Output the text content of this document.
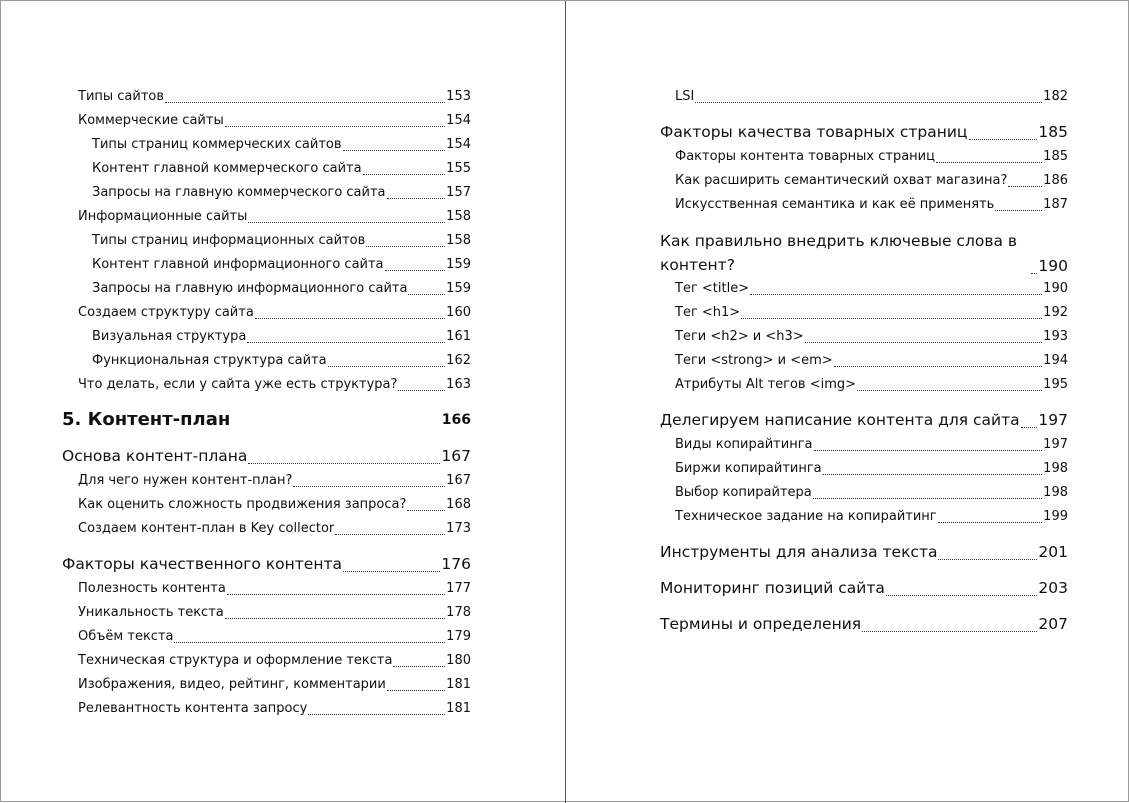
Типы сайтов	153
Коммерческие сайты	154
Типы страниц коммерческих сайтов	154
Контент главной коммерческого сайта	155
Запросы на главную коммерческого сайта	157
Информационные сайты	158
Типы страниц информационных сайтов	158
Контент главной информационного сайта	159
Запросы на главную информационного сайта	159
Создаем структуру сайта	160
Визуальная структура	161
Функциональная структура сайта	162
Что делать, если у сайта уже есть структура?	163
5. Контент-план	166
Основа контент-плана	167
Для чего нужен контент-план?	167
Как оценить сложность продвижения запроса?	168
Создаем контент-план в Key collector	173
Факторы качественного контента	176
Полезность контента	177
Уникальность текста	178
Объём текста	179
Техническая структура и оформление текста	180
Изображения, видео, рейтинг, комментарии	181
Релевантность контента запросу	181
LSI	182
Факторы качества товарных страниц	185
Факторы контента товарных страниц	185
Как расширить семантический охват магазина?	186
Искусственная семантика и как её применять	187
Как правильно внедрить ключевые слова в контент?	190
Тег <title>	190
Тег <h1>	192
Теги <h2> и <h3>	193
Теги <strong> и <em>	194
Атрибуты Alt тегов <img>	195
Делегируем написание контента для сайта 197
Виды копирайтинга	197
Биржи копирайтинга	198
Выбор копирайтера	198
Техническое задание на копирайтинг	199
Инструменты для анализа текста	201
Мониторинг позиций сайта	203
Термины и определения	207
